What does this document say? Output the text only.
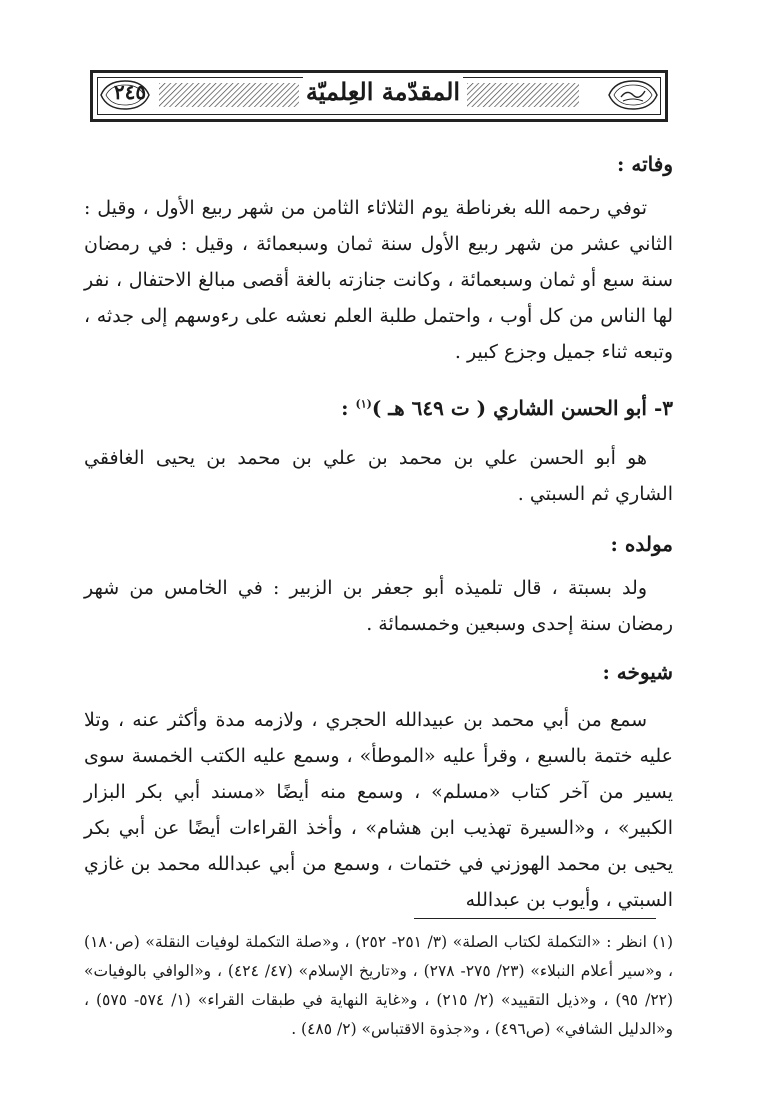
٢٤٥	المقدّمة العِلميّة
وفاته :
توفي رحمه الله بغرناطة يوم الثلاثاء الثامن من شهر ربيع الأول ، وقيل : الثاني عشر من شهر ربيع الأول سنة ثمان وسبعمائة ، وقيل : في رمضان سنة سبع أو ثمان وسبعمائة ، وكانت جنازته بالغة أقصى مبالغ الاحتفال ، نفر لها الناس من كل أوب ، واحتمل طلبة العلم نعشه على رءوسهم إلى جدثه ، وتبعه ثناء جميل وجزع كبير .
٣- أبو الحسن الشاري ( ت ٦٤٩ هـ )$^{(١)}$ :
هو أبو الحسن علي بن محمد بن علي بن محمد بن يحيى الغافقي الشاري ثم السبتي .
مولده :
ولد بسبتة ، قال تلميذه أبو جعفر بن الزبير : في الخامس من شهر رمضان سنة إحدى وسبعين وخمسمائة .
شيوخه :
سمع من أبي محمد بن عبيدالله الحجري ، ولازمه مدة وأكثر عنه ، وتلا عليه ختمة بالسبع ، وقرأ عليه «الموطأ» ، وسمع عليه الكتب الخمسة سوى يسير من آخر كتاب «مسلم» ، وسمع منه أيضًا «مسند أبي بكر البزار الكبير» ، و«السيرة تهذيب ابن هشام» ، وأخذ القراءات أيضًا عن أبي بكر يحيى بن محمد الهوزني في ختمات ، وسمع من أبي عبدالله محمد بن غازي السبتي ، وأيوب بن عبدالله
(١) انظر : «التكملة لكتاب الصلة» (٣/ ٢٥١- ٢٥٢) ، و«صلة التكملة لوفيات النقلة» (ص١٨٠) ، و«سير أعلام النبلاء» (٢٣/ ٢٧٥- ٢٧٨) ، و«تاريخ الإسلام» (٤٧/ ٤٢٤) ، و«الوافي بالوفيات» (٢٢/ ٩٥) ، و«ذيل التقييد» (٢/ ٢١٥) ، و«غاية النهاية في طبقات القراء» (١/ ٥٧٤- ٥٧٥) ، و«الدليل الشافي» (ص٤٩٦) ، و«جذوة الاقتباس» (٢/ ٤٨٥) .
